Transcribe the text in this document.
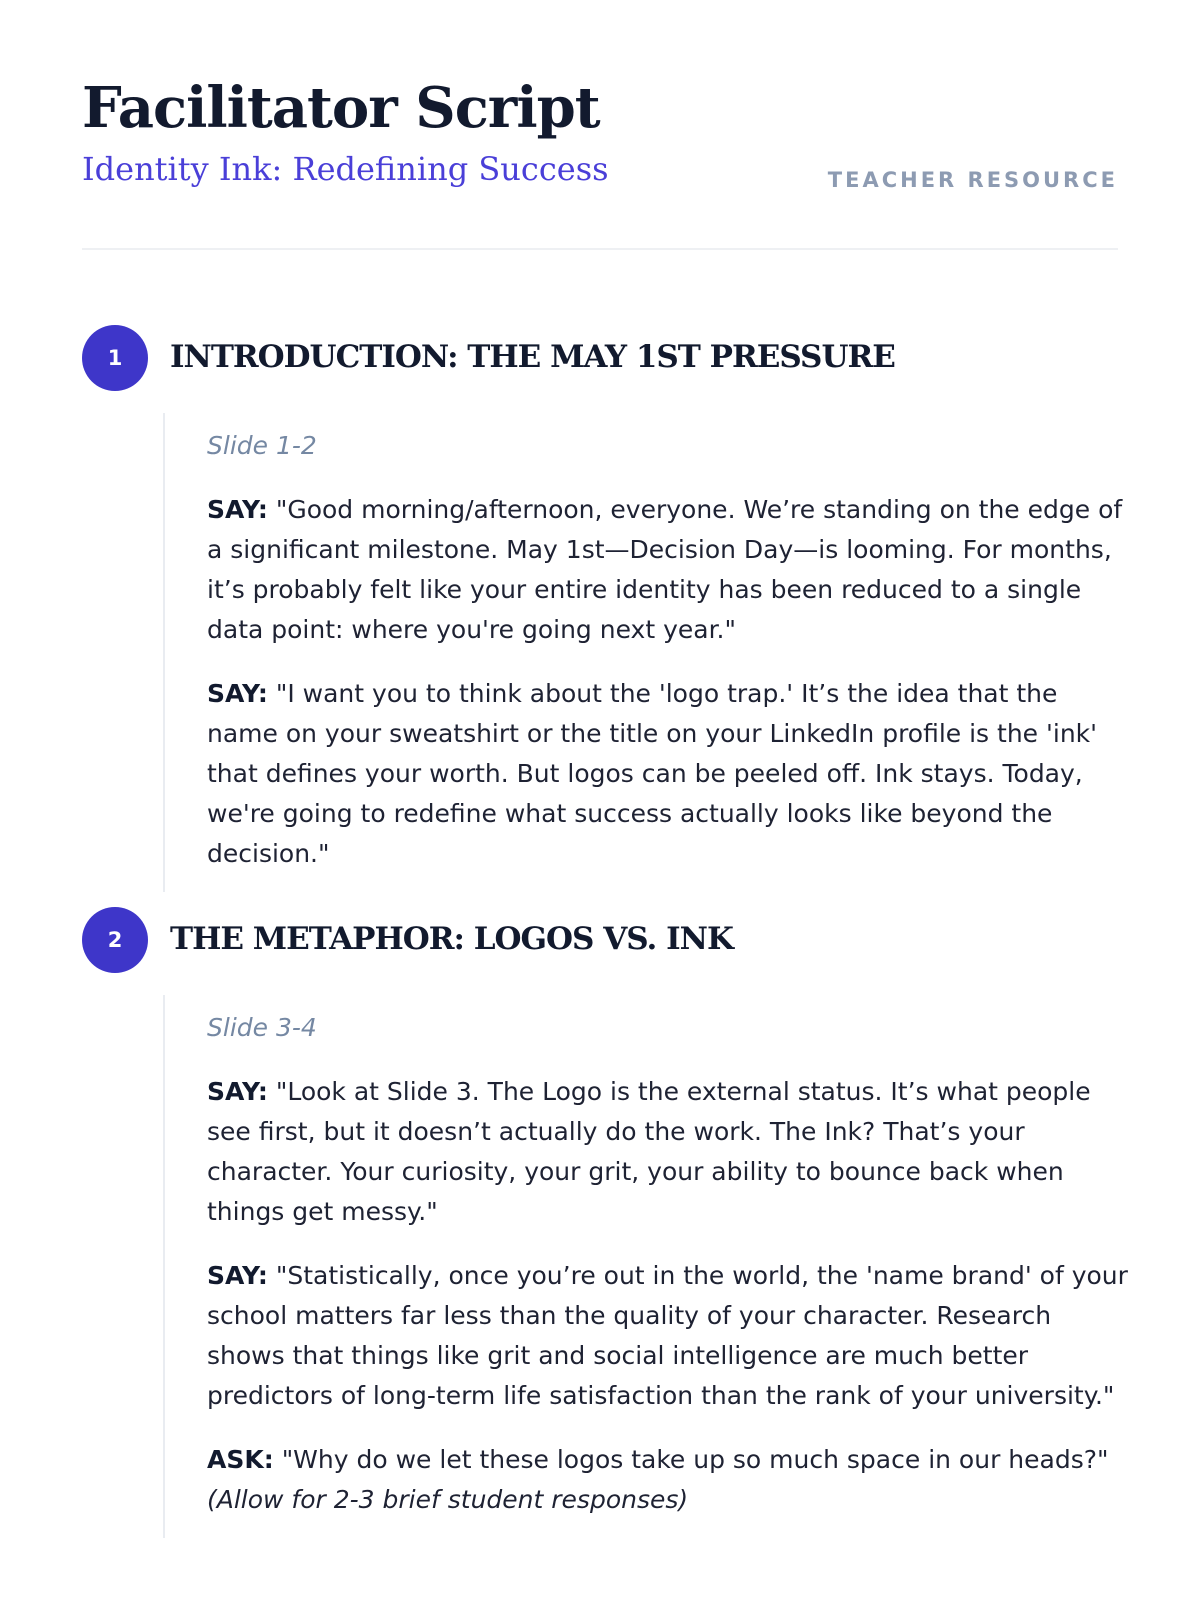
Facilitator Script
Identity Ink: Redefining Success	TEACHER RESOURCE
1	INTRODUCTION: THE MAY 1ST PRESSURE

Slide 1-2

SAY: "Good morning/afternoon, everyone. We’re standing on the edge of a significant milestone. May 1st—Decision Day—is looming. For months, it’s probably felt like your entire identity has been reduced to a single data point: where you're going next year."

SAY: "I want you to think about the 'logo trap.' It’s the idea that the name on your sweatshirt or the title on your LinkedIn profile is the 'ink' that defines your worth. But logos can be peeled off. Ink stays. Today, we're going to redefine what success actually looks like beyond the decision."

2	THE METAPHOR: LOGOS VS. INK

Slide 3-4

SAY: "Look at Slide 3. The Logo is the external status. It’s what people see first, but it doesn’t actually do the work. The Ink? That’s your character. Your curiosity, your grit, your ability to bounce back when things get messy."

SAY: "Statistically, once you’re out in the world, the 'name brand' of your school matters far less than the quality of your character. Research shows that things like grit and social intelligence are much better predictors of long-term life satisfaction than the rank of your university."

ASK: "Why do we let these logos take up so much space in our heads?"
(Allow for 2-3 brief student responses)
